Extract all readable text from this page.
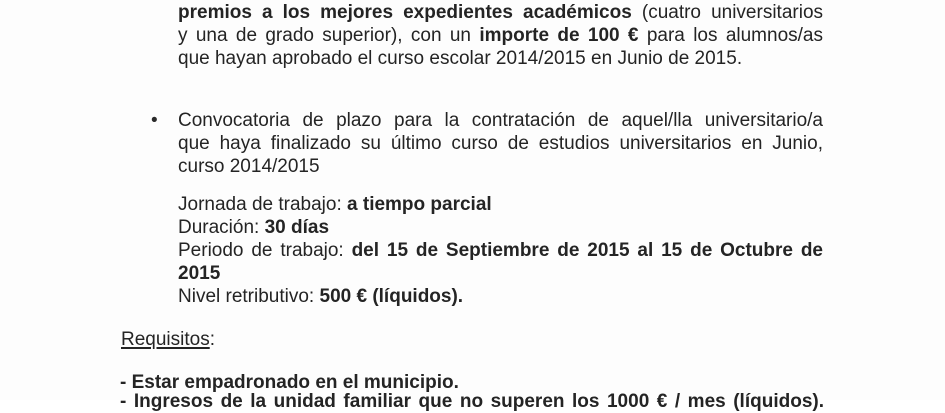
premios a los mejores expedientes académicos (cuatro universitarios
y una de grado superior), con un importe de 100 € para los alumnos/as
que hayan aprobado el curso escolar 2014/2015 en Junio de 2015.
• Convocatoria de plazo para la contratación de aquel/lla universitario/a
que haya finalizado su último curso de estudios universitarios en Junio,
curso 2014/2015
Jornada de trabajo: a tiempo parcial
Duración: 30 días
Periodo de trabajo: del 15 de Septiembre de 2015 al 15 de Octubre de
2015
Nivel retributivo: 500 € (líquidos).
Requisitos:
- Estar empadronado en el municipio.
- Ingresos de la unidad familiar que no superen los 1000 € / mes (líquidos).
